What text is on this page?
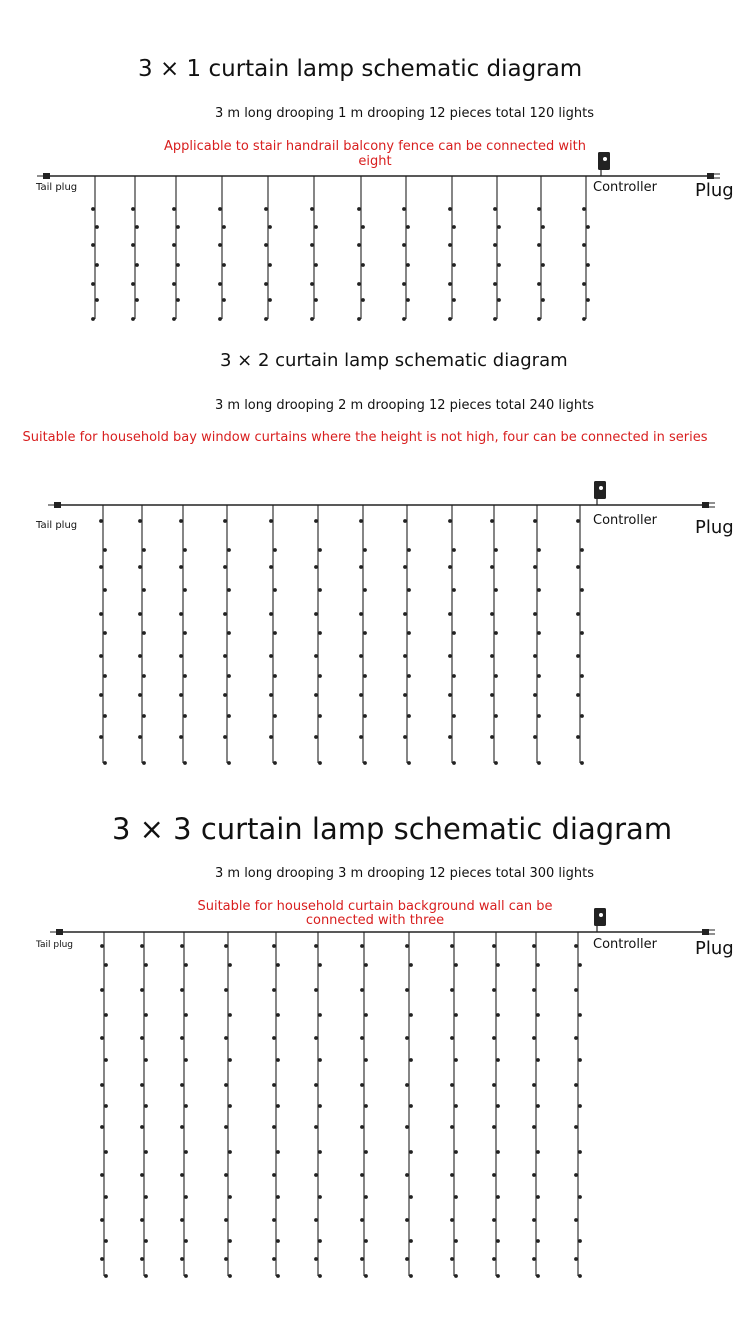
3 × 1 curtain lamp schematic diagram
3 m long drooping 1 m drooping 12 pieces total 120 lights
Applicable to stair handrail balcony fence can be connected with eight
Tail plug	Controller Plug
3 × 2 curtain lamp schematic diagram
3 m long drooping 2 m drooping 12 pieces total 240 lights
Suitable for household bay window curtains where the height is not high, four can be connected in series
Tail plug	Controller Plug
3 × 3 curtain lamp schematic diagram
3 m long drooping 3 m drooping 12 pieces total 300 lights
Suitable for household curtain background wall can be connected with three
Tail plug	Controller Plug
